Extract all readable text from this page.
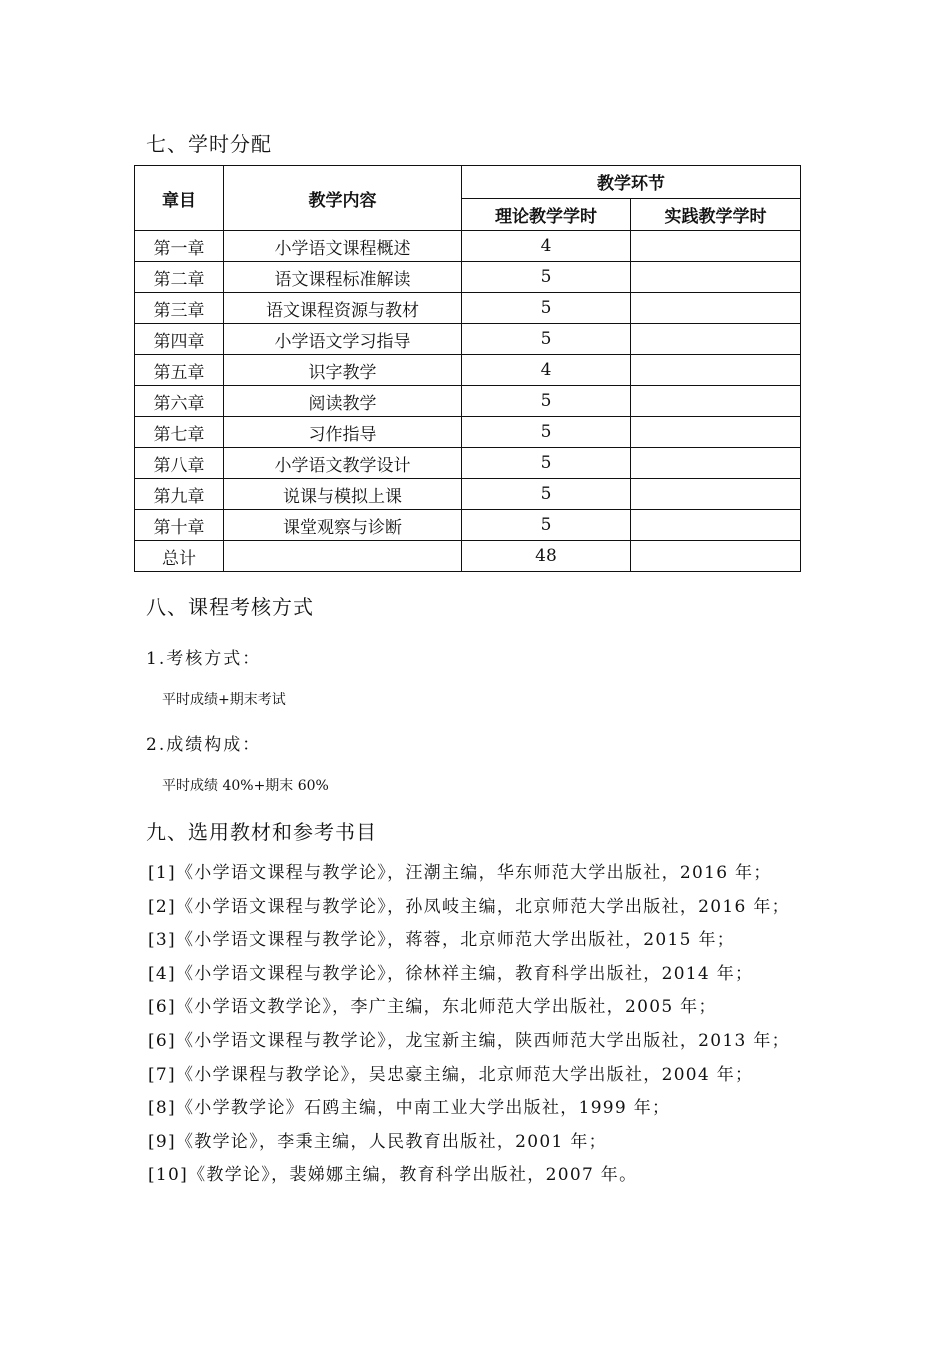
七、学时分配
章目	教学内容	教学环节	
		理论教学学时	实践教学学时
第一章	小学语文课程概述	4	
第二章	语文课程标准解读	5	
第三章	语文课程资源与教材	5	
第四章	小学语文学习指导	5	
第五章	识字教学	4	
第六章	阅读教学	5	
第七章	习作指导	5	
第八章	小学语文教学设计	5	
第九章	说课与模拟上课	5	
第十章	课堂观察与诊断	5	
总计		48	
八、课程考核方式
1.考核方式：
平时成绩+期末考试
2.成绩构成：
平时成绩 40%+期末 60%
九、选用教材和参考书目
[1]《小学语文课程与教学论》，汪潮主编，华东师范大学出版社，2016 年；
[2]《小学语文课程与教学论》，孙凤岐主编，北京师范大学出版社，2016 年；
[3]《小学语文课程与教学论》，蒋蓉，北京师范大学出版社，2015 年；
[4]《小学语文课程与教学论》，徐林祥主编，教育科学出版社，2014 年；
[6]《小学语文教学论》，李广主编，东北师范大学出版社，2005 年；
[6]《小学语文课程与教学论》，龙宝新主编，陕西师范大学出版社，2013 年；
[7]《小学课程与教学论》，吴忠豪主编，北京师范大学出版社，2004 年；
[8]《小学教学论》石鸥主编，中南工业大学出版社，1999 年；
[9]《教学论》，李秉主编，人民教育出版社，2001 年；
[10]《教学论》，裴娣娜主编，教育科学出版社，2007 年。
